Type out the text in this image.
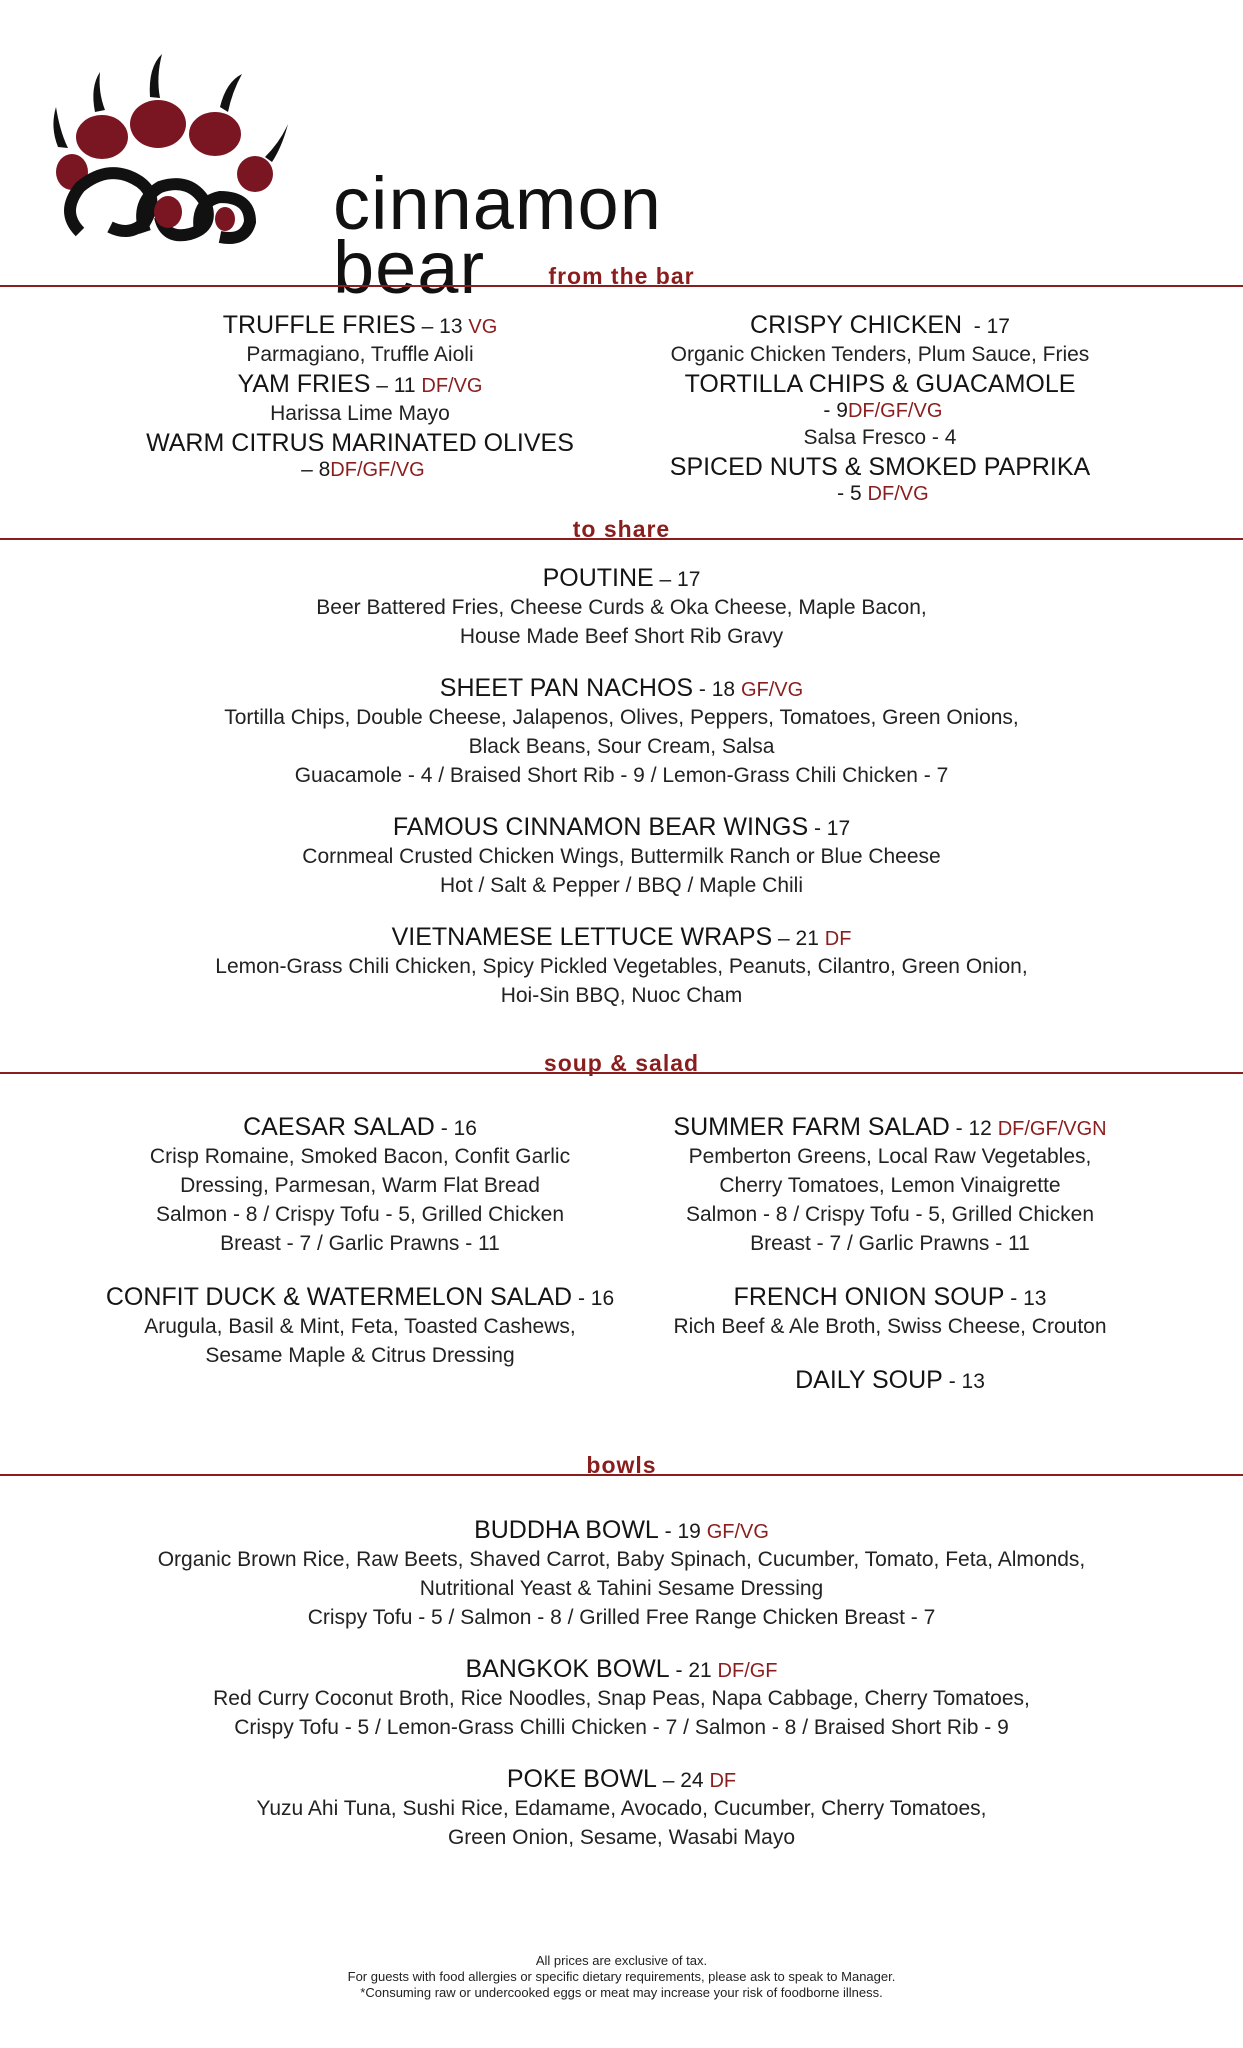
cinnamon
bear	from the bar
TRUFFLE FRIES – 13 VG
Parmagiano, Truffle Aioli
YAM FRIES – 11 DF/VG
Harissa Lime Mayo
WARM CITRUS MARINATED OLIVES – 8DF/GF/VG
CRISPY CHICKEN  - 17
Organic Chicken Tenders, Plum Sauce, Fries
TORTILLA CHIPS & GUACAMOLE - 9DF/GF/VG
Salsa Fresco - 4
SPICED NUTS & SMOKED PAPRIKA - 5 DF/VG
to share
POUTINE – 17
Beer Battered Fries, Cheese Curds & Oka Cheese, Maple Bacon,
House Made Beef Short Rib Gravy
SHEET PAN NACHOS - 18 GF/VG
Tortilla Chips, Double Cheese, Jalapenos, Olives, Peppers, Tomatoes, Green Onions,
Black Beans, Sour Cream, Salsa
Guacamole - 4 / Braised Short Rib - 9 / Lemon-Grass Chili Chicken - 7
FAMOUS CINNAMON BEAR WINGS - 17
Cornmeal Crusted Chicken Wings, Buttermilk Ranch or Blue Cheese
Hot / Salt & Pepper / BBQ / Maple Chili
VIETNAMESE LETTUCE WRAPS – 21 DF
Lemon-Grass Chili Chicken, Spicy Pickled Vegetables, Peanuts, Cilantro, Green Onion,
Hoi-Sin BBQ, Nuoc Cham
soup & salad
CAESAR SALAD - 16
Crisp Romaine, Smoked Bacon, Confit Garlic
Dressing, Parmesan, Warm Flat Bread
Salmon - 8 / Crispy Tofu - 5, Grilled Chicken
Breast - 7 / Garlic Prawns - 11
CONFIT DUCK & WATERMELON SALAD - 16
Arugula, Basil & Mint, Feta, Toasted Cashews,
Sesame Maple & Citrus Dressing
SUMMER FARM SALAD - 12 DF/GF/VGN
Pemberton Greens, Local Raw Vegetables,
Cherry Tomatoes, Lemon Vinaigrette
Salmon - 8 / Crispy Tofu - 5, Grilled Chicken
Breast - 7 / Garlic Prawns - 11
FRENCH ONION SOUP - 13
Rich Beef & Ale Broth, Swiss Cheese, Crouton
DAILY SOUP - 13
bowls
BUDDHA BOWL - 19 GF/VG
Organic Brown Rice, Raw Beets, Shaved Carrot, Baby Spinach, Cucumber, Tomato, Feta, Almonds,
Nutritional Yeast & Tahini Sesame Dressing
Crispy Tofu - 5 / Salmon - 8 / Grilled Free Range Chicken Breast - 7
BANGKOK BOWL - 21 DF/GF
Red Curry Coconut Broth, Rice Noodles, Snap Peas, Napa Cabbage, Cherry Tomatoes,
Crispy Tofu - 5 / Lemon-Grass Chilli Chicken - 7 / Salmon - 8 / Braised Short Rib - 9
POKE BOWL – 24 DF
Yuzu Ahi Tuna, Sushi Rice, Edamame, Avocado, Cucumber, Cherry Tomatoes,
Green Onion, Sesame, Wasabi Mayo
All prices are exclusive of tax.
For guests with food allergies or specific dietary requirements, please ask to speak to Manager.
*Consuming raw or undercooked eggs or meat may increase your risk of foodborne illness.
